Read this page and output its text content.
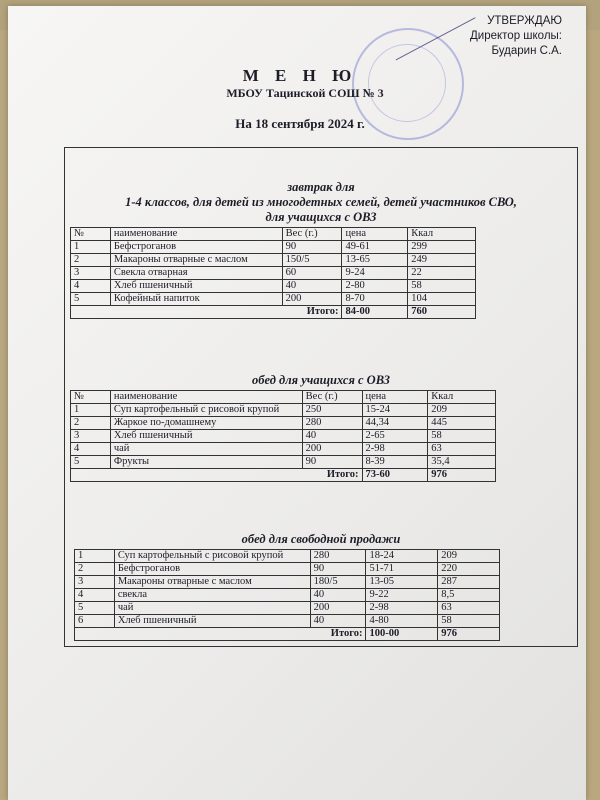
УТВЕРЖДАЮ
Директор школы:
Бударин С.А.
М Е Н Ю
МБОУ Тацинской СОШ № 3
На 18 сентября 2024 г.
завтрак для
1-4 классов, для детей из многодетных семей, детей участников СВО,
для учащихся с ОВЗ
№	наименование	Вес (г.)	цена	Ккал
1	Бефстроганов	90	49-61	299
2	Макароны отварные с маслом	150/5	13-65	249
3	Свекла отварная	60	9-24	22
4	Хлеб пшеничный	40	2-80	58
5	Кофейный напиток	200	8-70	104
Итого:			84-00	760
обед для учащихся с ОВЗ
№	наименование	Вес (г.)	цена	Ккал
1	Суп картофельный с рисовой крупой	250	15-24	209
2	Жаркое по-домашнему	280	44,34	445
3	Хлеб пшеничный	40	2-65	58
4	чай	200	2-98	63
5	Фрукты	90	8-39	35,4
Итого:			73-60	976
обед для свободной продажи
1	Суп картофельный с рисовой крупой	280	18-24	209
2	Бефстроганов	90	51-71	220
3	Макароны отварные с маслом	180/5	13-05	287
4	свекла	40	9-22	8,5
5	чай	200	2-98	63
6	Хлеб пшеничный	40	4-80	58
Итого:			100-00	976
